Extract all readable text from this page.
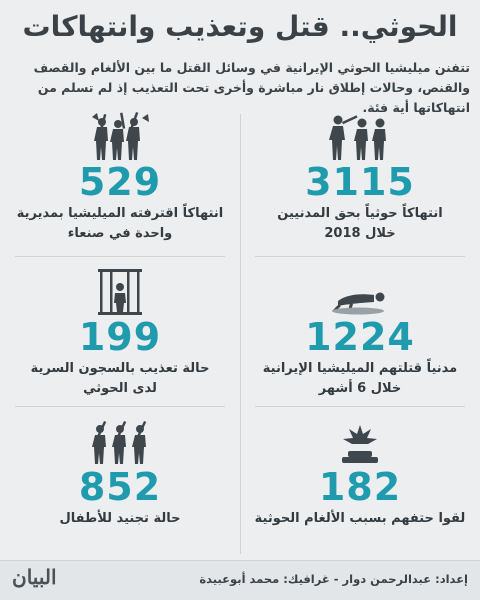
الحوثي.. قتل وتعذيب وانتهاكات
تتفنن ميليشيا الحوثي الإيرانية في وسائل القتل ما بين الألغام والقصف والقنص، وحالات إطلاق نار مباشرة وأخرى تحت التعذيب إذ لم تسلم من انتهاكاتها أية فئة.
3115
انتهاكاً حوثياً بحق المدنيين
خلال 2018
529
انتهاكاً اقترفته الميليشيا بمديرية
واحدة في صنعاء
1224
مدنياً قتلتهم الميليشيا الإيرانية
خلال 6 أشهر
199
حالة تعذيب بالسجون السرية
لدى الحوثي
182
لقوا حتفهم بسبب الألغام الحوثية
852
حالة تجنيد للأطفال
البيان	إعداد: عبدالرحمن دوار - غرافيك: محمد أبوعبيدة
